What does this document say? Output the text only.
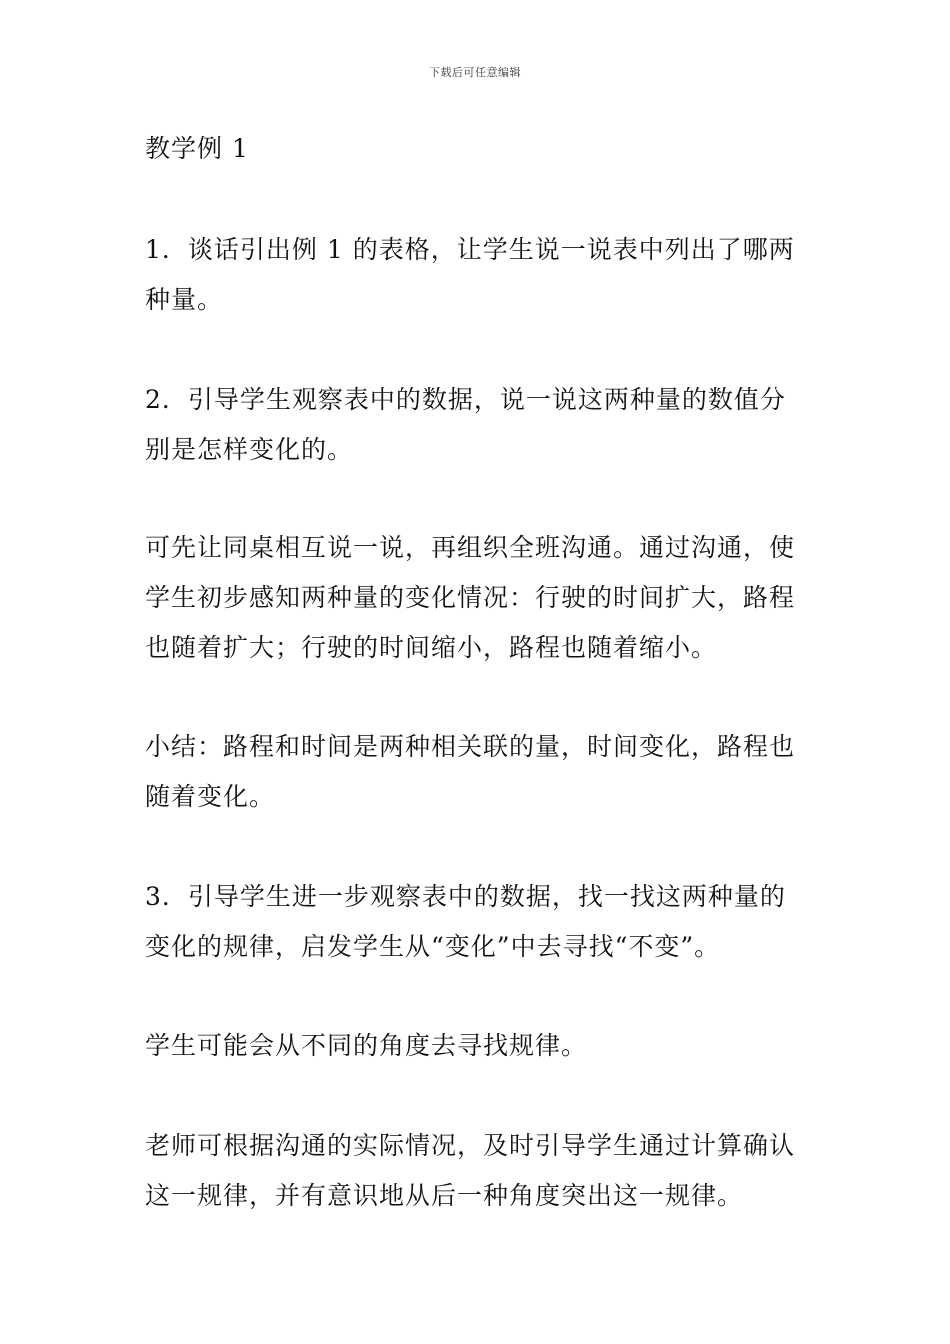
下载后可任意编辑

教学例 1

1．谈话引出例 1 的表格，让学生说一说表中列出了哪两种量。

2．引导学生观察表中的数据，说一说这两种量的数值分别是怎样变化的。

可先让同桌相互说一说，再组织全班沟通。通过沟通，使学生初步感知两种量的变化情况：行驶的时间扩大，路程也随着扩大；行驶的时间缩小，路程也随着缩小。

小结：路程和时间是两种相关联的量，时间变化，路程也随着变化。

3．引导学生进一步观察表中的数据，找一找这两种量的变化的规律，启发学生从“变化”中去寻找“不变”。

学生可能会从不同的角度去寻找规律。

老师可根据沟通的实际情况，及时引导学生通过计算确认这一规律，并有意识地从后一种角度突出这一规律。
